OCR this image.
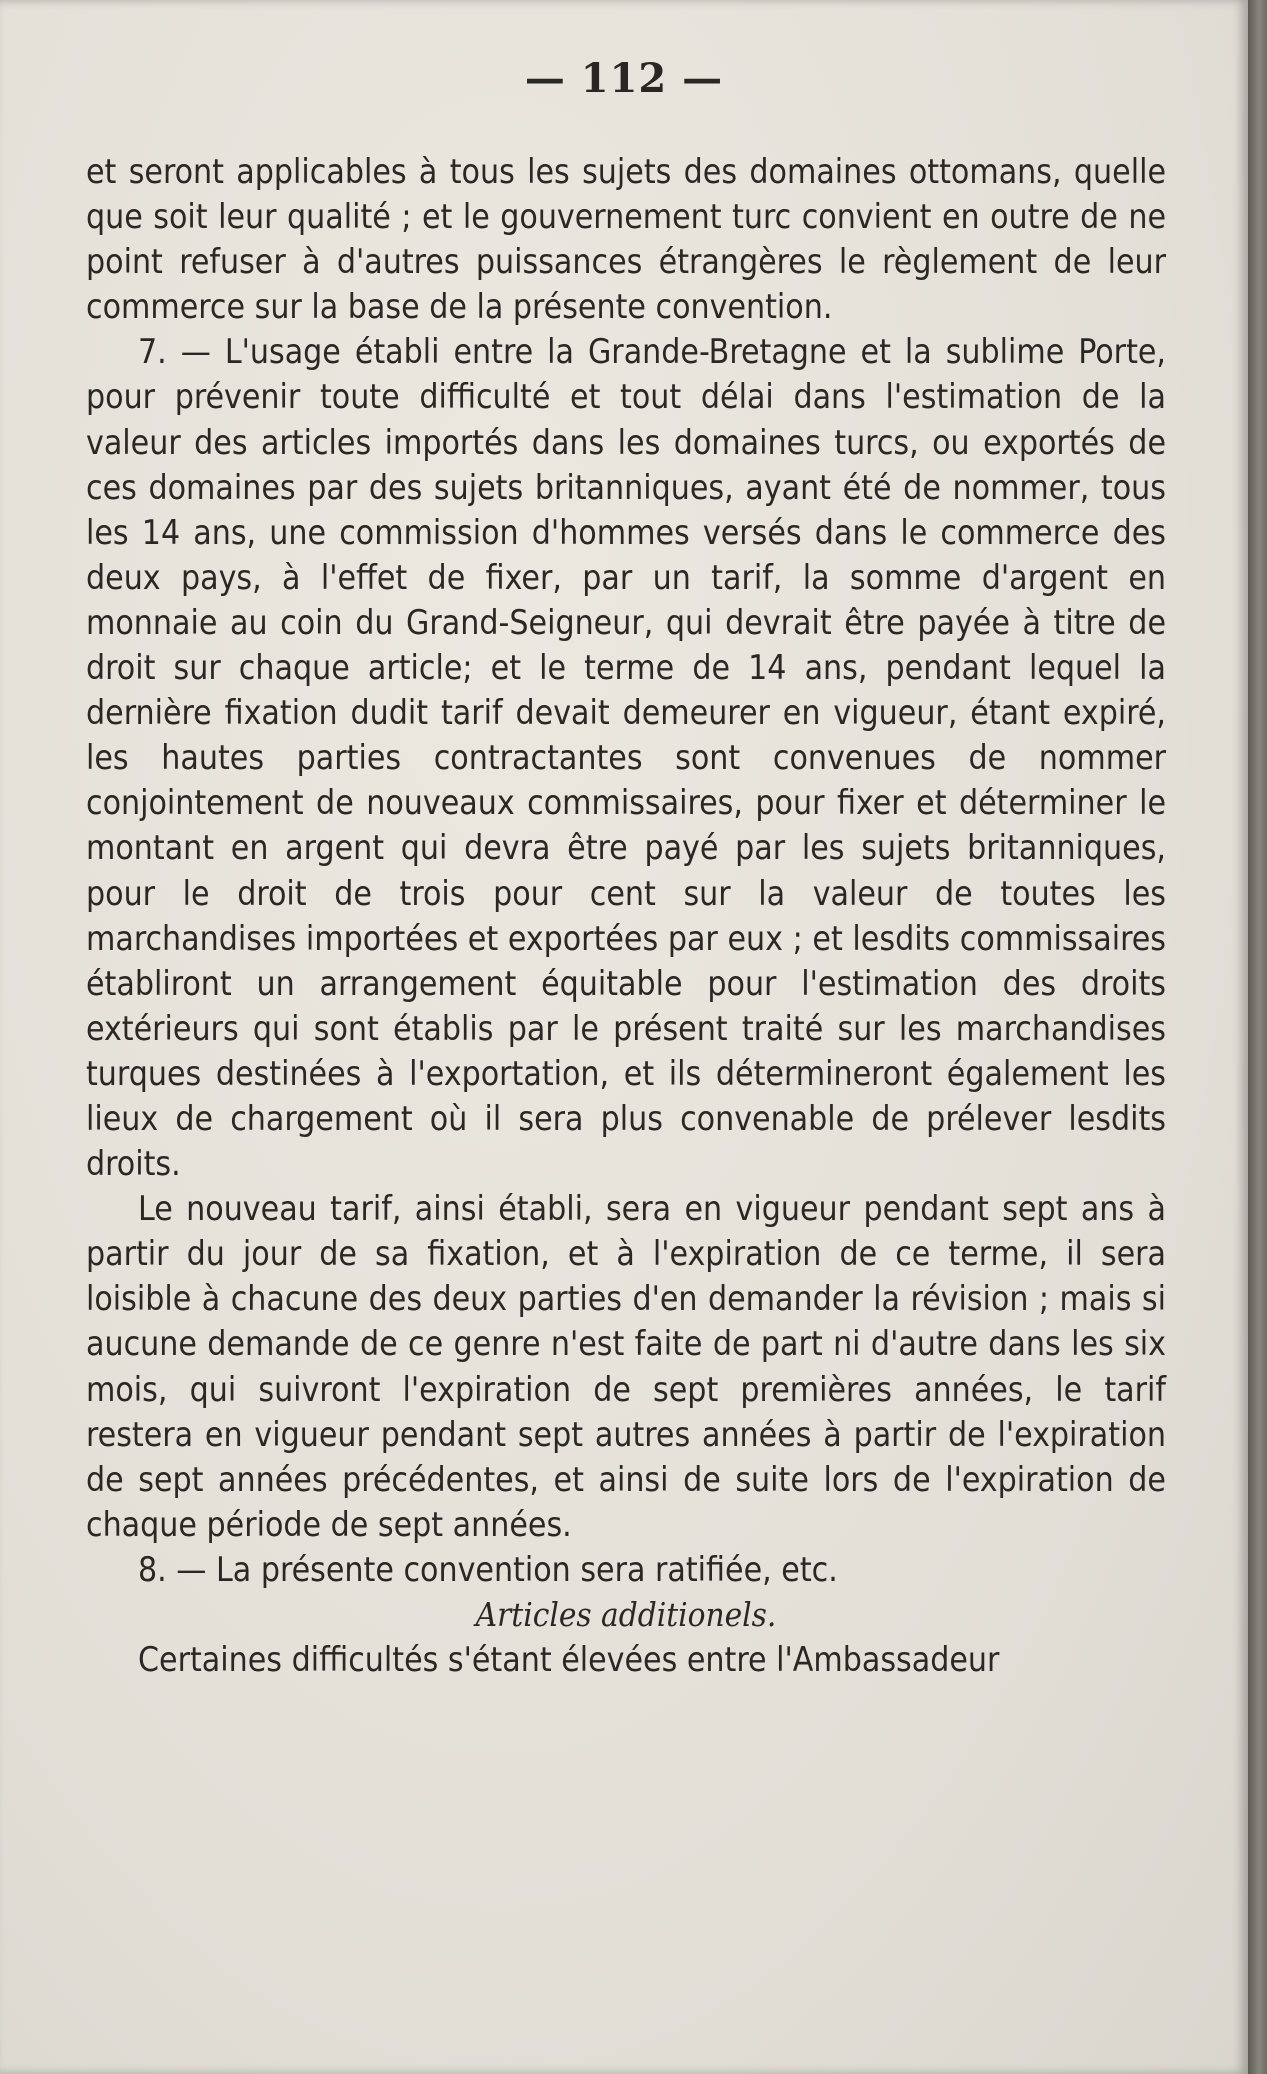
— 112 —

et seront applicables à tous les sujets des domaines ottomans, quelle que soit leur qualité ; et le gouvernement turc convient en outre de ne point refuser à d'autres puissances étrangères le règlement de leur commerce sur la base de la présente convention.

7. — L'usage établi entre la Grande-Bretagne et la sublime Porte, pour prévenir toute difficulté et tout délai dans l'estimation de la valeur des articles importés dans les domaines turcs, ou exportés de ces domaines par des sujets britanniques, ayant été de nommer, tous les 14 ans, une commission d'hommes versés dans le commerce des deux pays, à l'effet de fixer, par un tarif, la somme d'argent en monnaie au coin du Grand-Seigneur, qui devrait être payée à titre de droit sur chaque article; et le terme de 14 ans, pendant lequel la dernière fixation dudit tarif devait demeurer en vigueur, étant expiré, les hautes parties contractantes sont convenues de nommer conjointement de nouveaux commissaires, pour fixer et déterminer le montant en argent qui devra être payé par les sujets britanniques, pour le droit de trois pour cent sur la valeur de toutes les marchandises importées et exportées par eux ; et lesdits commissaires établiront un arrangement équitable pour l'estimation des droits extérieurs qui sont établis par le présent traité sur les marchandises turques destinées à l'exportation, et ils détermineront également les lieux de chargement où il sera plus convenable de prélever lesdits droits.

Le nouveau tarif, ainsi établi, sera en vigueur pendant sept ans à partir du jour de sa fixation, et à l'expiration de ce terme, il sera loisible à chacune des deux parties d'en demander la révision ; mais si aucune demande de ce genre n'est faite de part ni d'autre dans les six mois, qui suivront l'expiration de sept premières années, le tarif restera en vigueur pendant sept autres années à partir de l'expiration de sept années précédentes, et ainsi de suite lors de l'expiration de chaque période de sept années.

8. — La présente convention sera ratifiée, etc.

Articles additionels.

Certaines difficultés s'étant élevées entre l'Ambassadeur
